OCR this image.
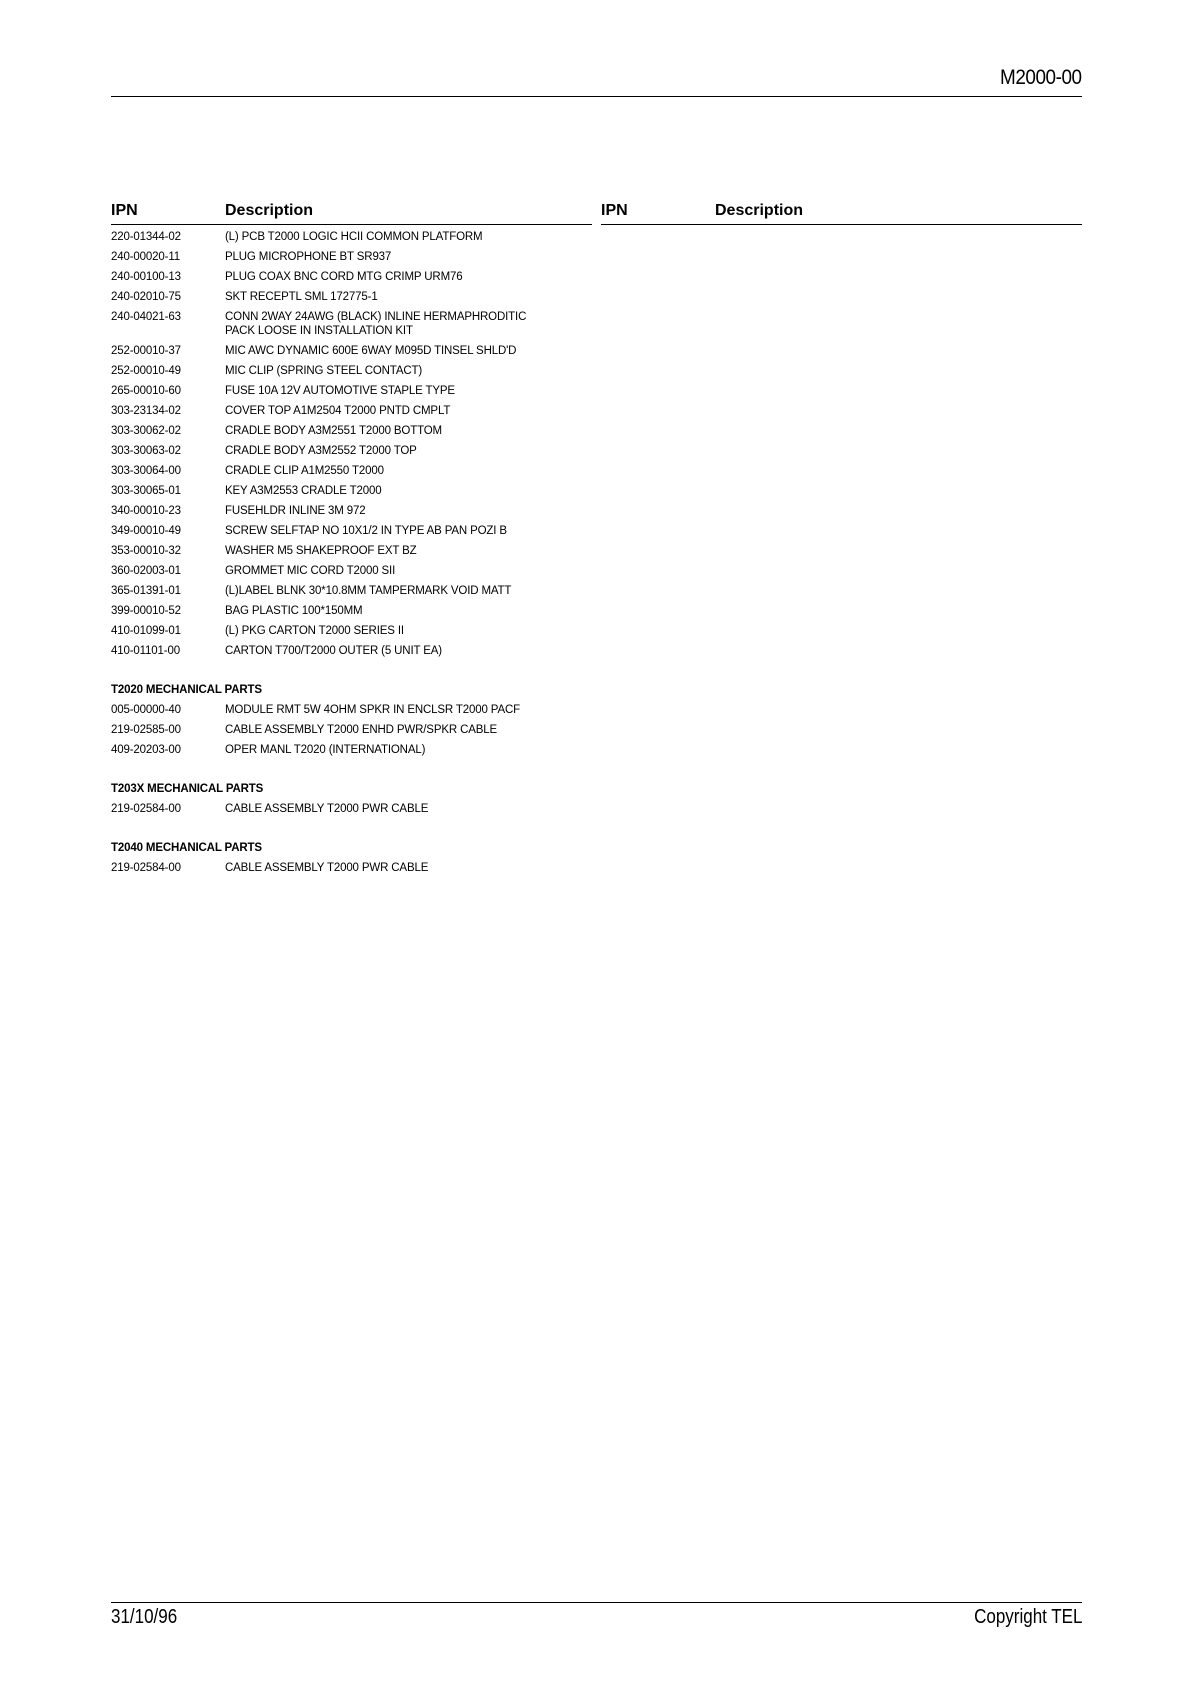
M2000-00
IPN	Description	IPN	Description
220-01344-02	(L) PCB T2000 LOGIC HCII COMMON PLATFORM
240-00020-11	PLUG MICROPHONE BT SR937
240-00100-13	PLUG COAX BNC CORD MTG CRIMP URM76
240-02010-75	SKT RECEPTL SML 172775-1
240-04021-63	CONN 2WAY 24AWG (BLACK) INLINE HERMAPHRODITIC
PACK LOOSE IN INSTALLATION KIT
252-00010-37	MIC AWC DYNAMIC 600E 6WAY M095D TINSEL SHLD'D
252-00010-49	MIC CLIP (SPRING STEEL CONTACT)
265-00010-60	FUSE 10A 12V AUTOMOTIVE STAPLE TYPE
303-23134-02	COVER TOP A1M2504 T2000 PNTD CMPLT
303-30062-02	CRADLE BODY A3M2551 T2000 BOTTOM
303-30063-02	CRADLE BODY A3M2552 T2000 TOP
303-30064-00	CRADLE CLIP A1M2550 T2000
303-30065-01	KEY A3M2553 CRADLE T2000
340-00010-23	FUSEHLDR INLINE 3M 972
349-00010-49	SCREW SELFTAP NO 10X1/2 IN TYPE AB PAN POZI B
353-00010-32	WASHER M5 SHAKEPROOF EXT BZ
360-02003-01	GROMMET MIC CORD T2000 SII
365-01391-01	(L)LABEL BLNK 30*10.8MM TAMPERMARK VOID MATT
399-00010-52	BAG PLASTIC 100*150MM
410-01099-01	(L) PKG CARTON T2000 SERIES II
410-01101-00	CARTON T700/T2000 OUTER (5 UNIT EA)
T2020 MECHANICAL PARTS
005-00000-40	MODULE RMT 5W 4OHM SPKR IN ENCLSR T2000 PACF
219-02585-00	CABLE ASSEMBLY T2000 ENHD PWR/SPKR CABLE
409-20203-00	OPER MANL T2020 (INTERNATIONAL)
T203X MECHANICAL PARTS
219-02584-00	CABLE ASSEMBLY T2000 PWR CABLE
T2040 MECHANICAL PARTS
219-02584-00	CABLE ASSEMBLY T2000 PWR CABLE
31/10/96	Copyright TEL
